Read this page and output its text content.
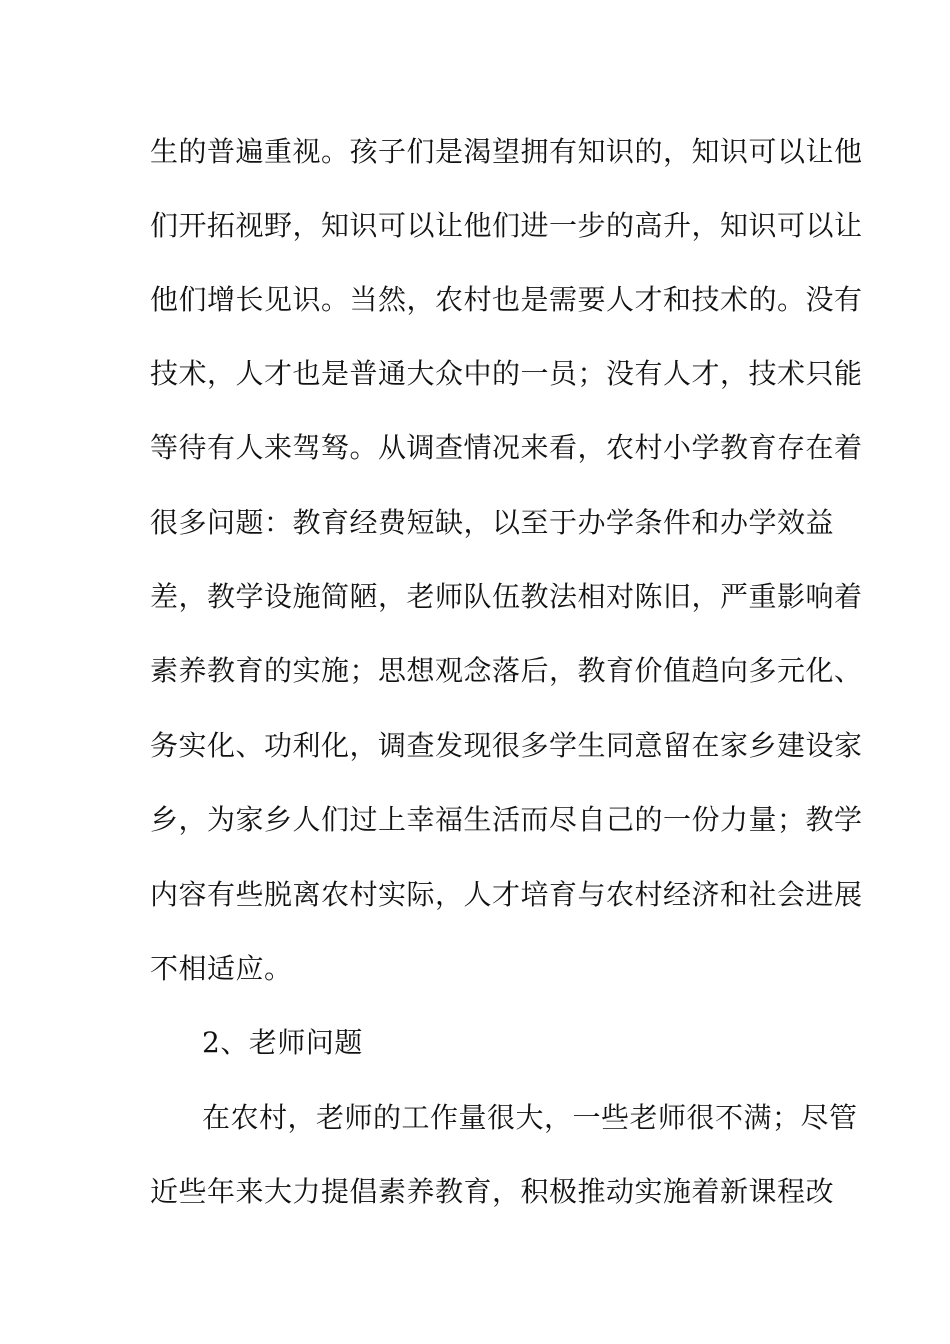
生的普遍重视。孩子们是渴望拥有知识的，知识可以让他
们开拓视野，知识可以让他们进一步的高升，知识可以让
他们增长见识。当然，农村也是需要人才和技术的。没有
技术，人才也是普通大众中的一员；没有人才，技术只能
等待有人来驾驽。从调查情况来看，农村小学教育存在着
很多问题：教育经费短缺，以至于办学条件和办学效益
差，教学设施简陋，老师队伍教法相对陈旧，严重影响着
素养教育的实施；思想观念落后，教育价值趋向多元化、
务实化、功利化，调查发现很多学生同意留在家乡建设家
乡，为家乡人们过上幸福生活而尽自己的一份力量；教学
内容有些脱离农村实际，人才培育与农村经济和社会进展
不相适应。
2、老师问题
在农村，老师的工作量很大，一些老师很不满；尽管
近些年来大力提倡素养教育，积极推动实施着新课程改
